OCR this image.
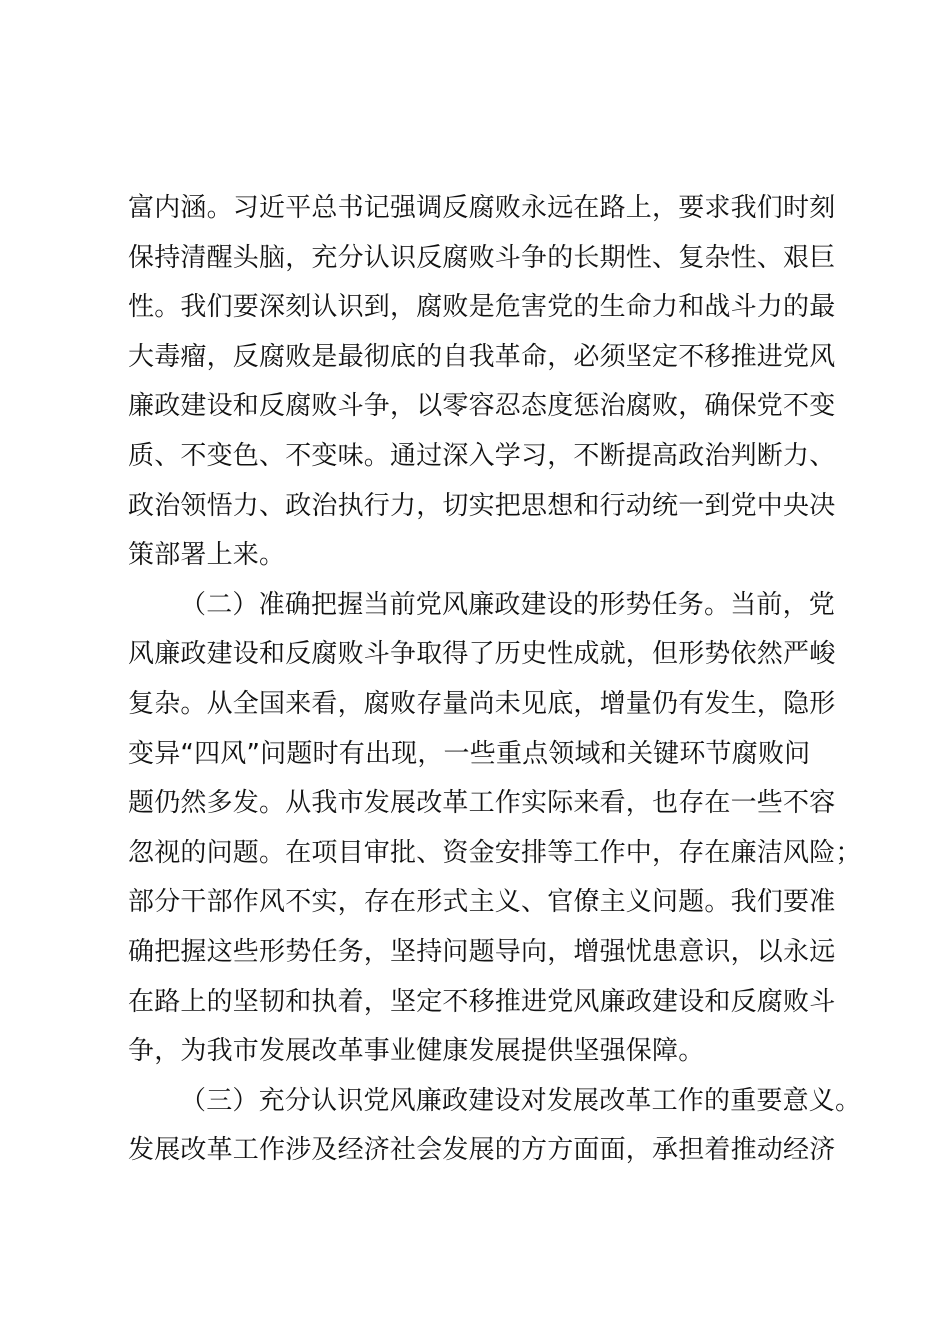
富内涵。习近平总书记强调反腐败永远在路上，要求我们时刻
保持清醒头脑，充分认识反腐败斗争的长期性、复杂性、艰巨
性。我们要深刻认识到，腐败是危害党的生命力和战斗力的最
大毒瘤，反腐败是最彻底的自我革命，必须坚定不移推进党风
廉政建设和反腐败斗争，以零容忍态度惩治腐败，确保党不变
质、不变色、不变味。通过深入学习，不断提高政治判断力、
政治领悟力、政治执行力，切实把思想和行动统一到党中央决
策部署上来。
（二）准确把握当前党风廉政建设的形势任务。当前，党
风廉政建设和反腐败斗争取得了历史性成就，但形势依然严峻
复杂。从全国来看，腐败存量尚未见底，增量仍有发生，隐形
变异“四风”问题时有出现，一些重点领域和关键环节腐败问
题仍然多发。从我市发展改革工作实际来看，也存在一些不容
忽视的问题。在项目审批、资金安排等工作中，存在廉洁风险；
部分干部作风不实，存在形式主义、官僚主义问题。我们要准
确把握这些形势任务，坚持问题导向，增强忧患意识，以永远
在路上的坚韧和执着，坚定不移推进党风廉政建设和反腐败斗
争，为我市发展改革事业健康发展提供坚强保障。
（三）充分认识党风廉政建设对发展改革工作的重要意义。
发展改革工作涉及经济社会发展的方方面面，承担着推动经济
